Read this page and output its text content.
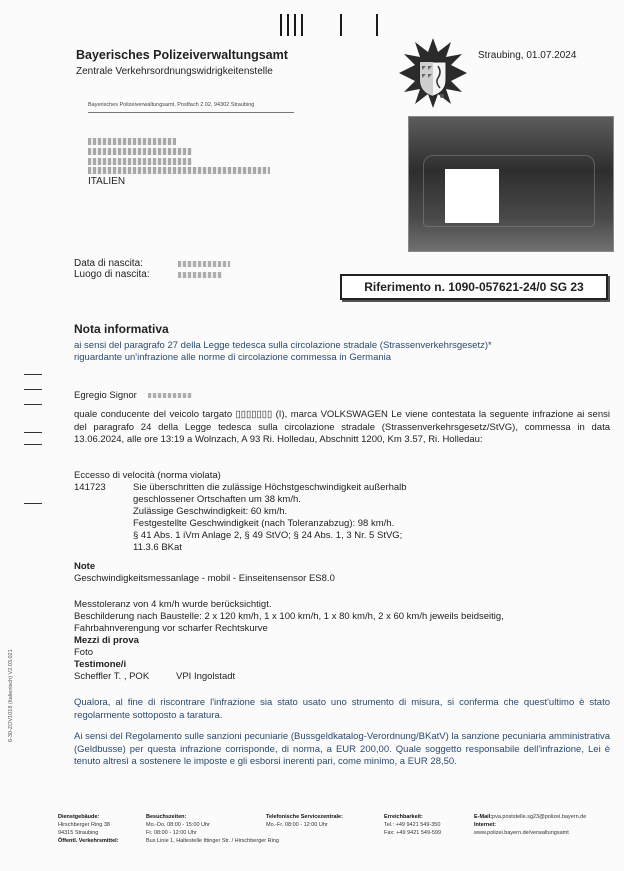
Bayerisches Polizeiverwaltungsamt
Zentrale Verkehrsordnungswidrigkeitenstelle
Bayerisches Polizeiverwaltungsamt, Postfach 2 02, 94302 Straubing
ITALIEN
Straubing, 01.07.2024
Data di nascita:
Luogo di nascita:
Riferimento n. 1090-057621-24/0 SG 23
Nota informativa
ai sensi del paragrafo 27 della Legge tedesca sulla circolazione stradale (Strassenverkehrsgesetz)*
riguardante un'infrazione alle norme di circolazione commessa in Germania
Egregio Signor
quale conducente del veicolo targato ▯▯▯▯▯▯▯ (I), marca VOLKSWAGEN Le viene contestata la seguente infrazione ai sensi del paragrafo 24 della Legge tedesca sulla circolazione stradale (Strassenverkehrsgesetz/StVG), commessa in data 13.06.2024, alle ore 13:19 a Wolnzach, A 93 Ri. Holledau, Abschnitt 1200, Km 3.57, Ri. Holledau:
Eccesso di velocità (norma violata)
141723	Sie überschritten die zulässige Höchstgeschwindigkeit außerhalb
geschlossener Ortschaften um 38 km/h.
Zulässige Geschwindigkeit: 60 km/h.
Festgestellte Geschwindigkeit (nach Toleranzabzug): 98 km/h.
§ 41 Abs. 1 iVm Anlage 2, § 49 StVO; § 24 Abs. 1, 3 Nr. 5 StVG;
11.3.6 BKat
Note
Geschwindigkeitsmessanlage - mobil - Einseitensensor ES8.0
Messtoleranz von 4 km/h wurde berücksichtigt.
Beschilderung nach Baustelle: 2 x 120 km/h, 1 x 100 km/h, 1 x 80 km/h, 2 x 60 km/h jeweils beidseitig,
Fahrbahnverengung vor scharfer Rechtskurve
Mezzi di prova
Foto
Testimone/i
Scheffler T. , POK	VPI Ingolstadt
Qualora, al fine di riscontrare l'infrazione sia stato usato uno strumento di misura, si conferma che quest'ultimo è stato regolarmente sottoposto a taratura.
Ai sensi del Regolamento sulle sanzioni pecuniarie (Bussgeldkatalog-Verordnung/BKatV) la sanzione pecuniaria amministrativa (Geldbusse) per questa infrazione corrisponde, di norma, a EUR 200,00. Quale soggetto responsabile dell'infrazione, Lei è tenuto altresì a sostenere le imposte e gli esborsi inerenti pari, come minimo, a EUR 28,50.
6-30-ZOV1018 (Italienisch) V2.03.021
Dienstgebäude:
Hirschberger Ring 38
94315 Straubing
Öffentl. Verkehrsmittel:
Besuchszeiten:
Mo.-Do. 08:00 - 15:00 Uhr
Fr. 08:00 - 12:00 Uhr
Bus Linie 1, Haltestelle Ittinger Str. / Hirschberger Ring
Telefonische Servicezentrale:
Mo.-Fr. 08:00 - 12:00 Uhr
Erreichbarkeit:
Tel.: +49 9421 549-350
Fax: +49 9421 549-599
E-Mail:pva.poststelle.sg23@polizei.bayern.de
Internet:
www.polizei.bayern.de/verwaltungsamt
